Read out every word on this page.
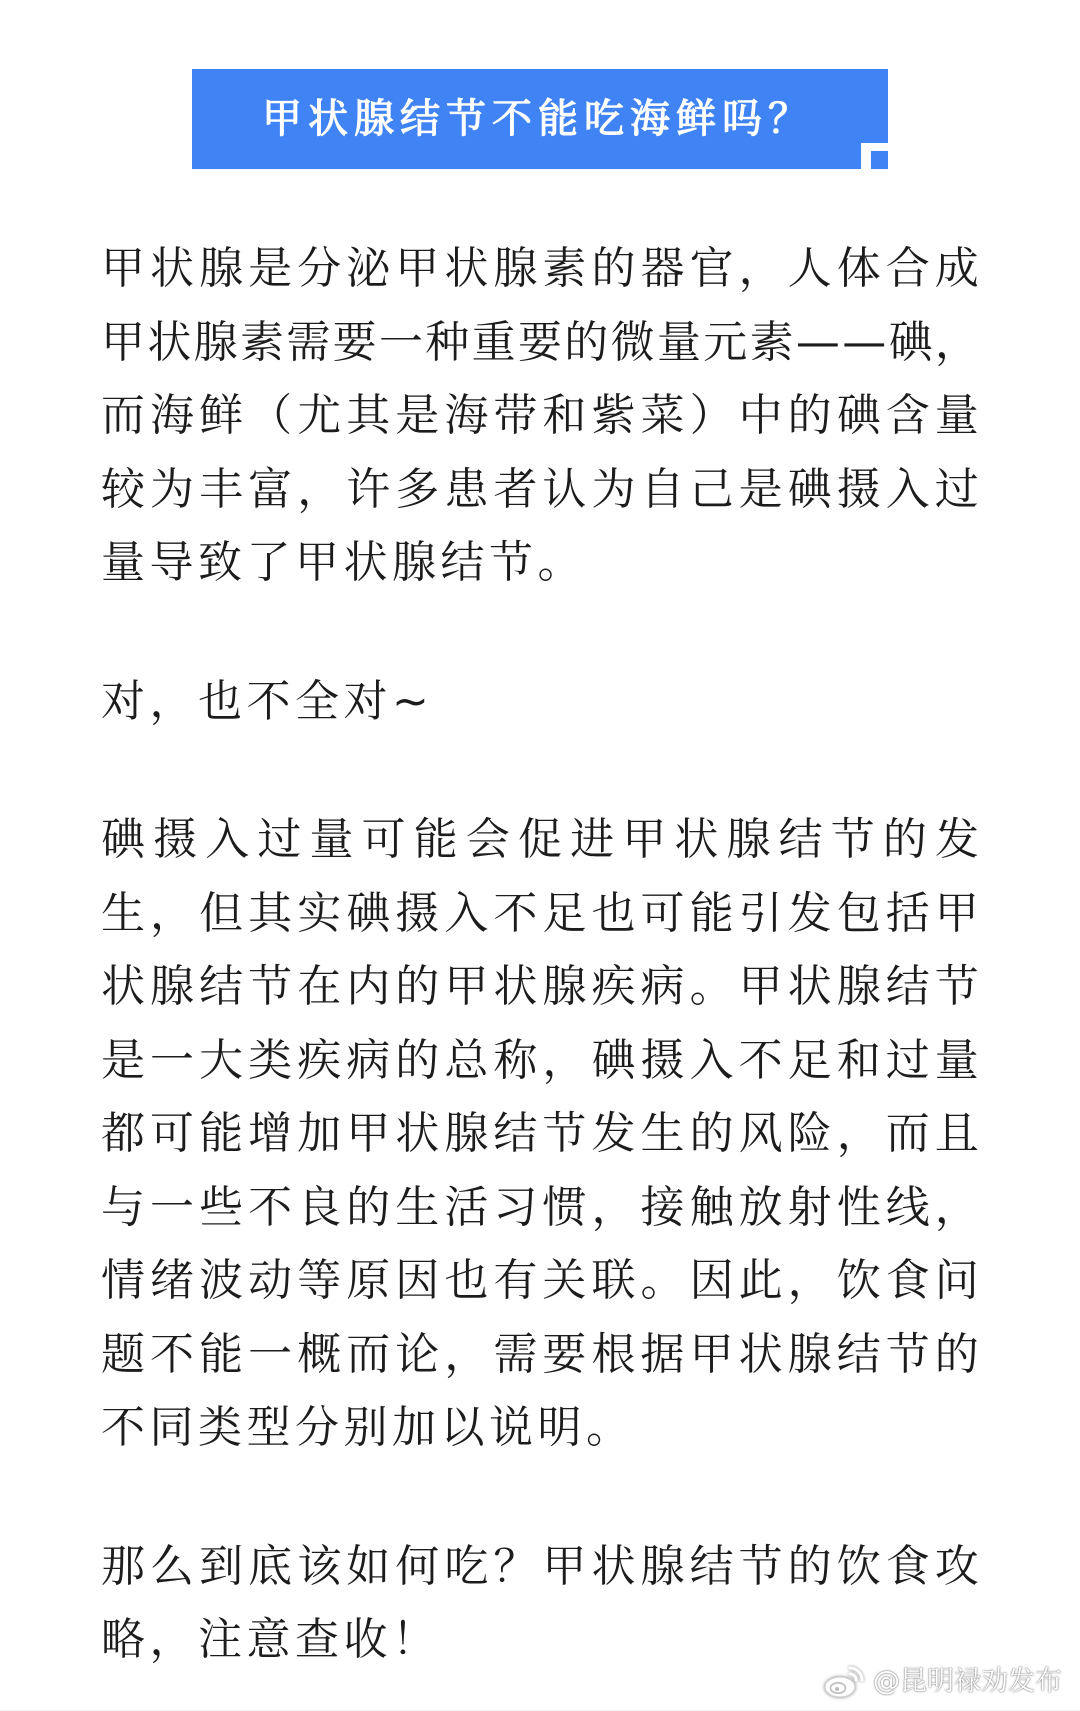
甲状腺结节不能吃海鲜吗？
甲 状 腺 是 分 泌 甲 状 腺 素 的 器 官 ， 人 体 合 成
甲 状 腺 素 需 要 一 种 重 要 的 微 量 元 素 — — 碘 ，
而 海 鲜 （ 尤 其 是 海 带 和 紫 菜 ） 中 的 碘 含 量
较 为 丰 富 ， 许 多 患 者 认 为 自 己 是 碘 摄 入 过
量导致了甲状腺结节。
对，也不全对~
碘 摄 入 过 量 可 能 会 促 进 甲 状 腺 结 节 的 发
生 ， 但 其 实 碘 摄 入 不 足 也 可 能 引 发 包 括 甲
状 腺 结 节 在 内 的 甲 状 腺 疾 病 。 甲 状 腺 结 节
是 一 大 类 疾 病 的 总 称 ， 碘 摄 入 不 足 和 过 量
都 可 能 增 加 甲 状 腺 结 节 发 生 的 风 险 ， 而 且
与 一 些 不 良 的 生 活 习 惯 ， 接 触 放 射 性 线 ，
情 绪 波 动 等 原 因 也 有 关 联 。 因 此 ， 饮 食 问
题 不 能 一 概 而 论 ， 需 要 根 据 甲 状 腺 结 节 的
不同类型分别加以说明。
那 么 到 底 该 如 何 吃 ？ 甲 状 腺 结 节 的 饮 食 攻
略，注意查收！
@昆明禄劝发布
